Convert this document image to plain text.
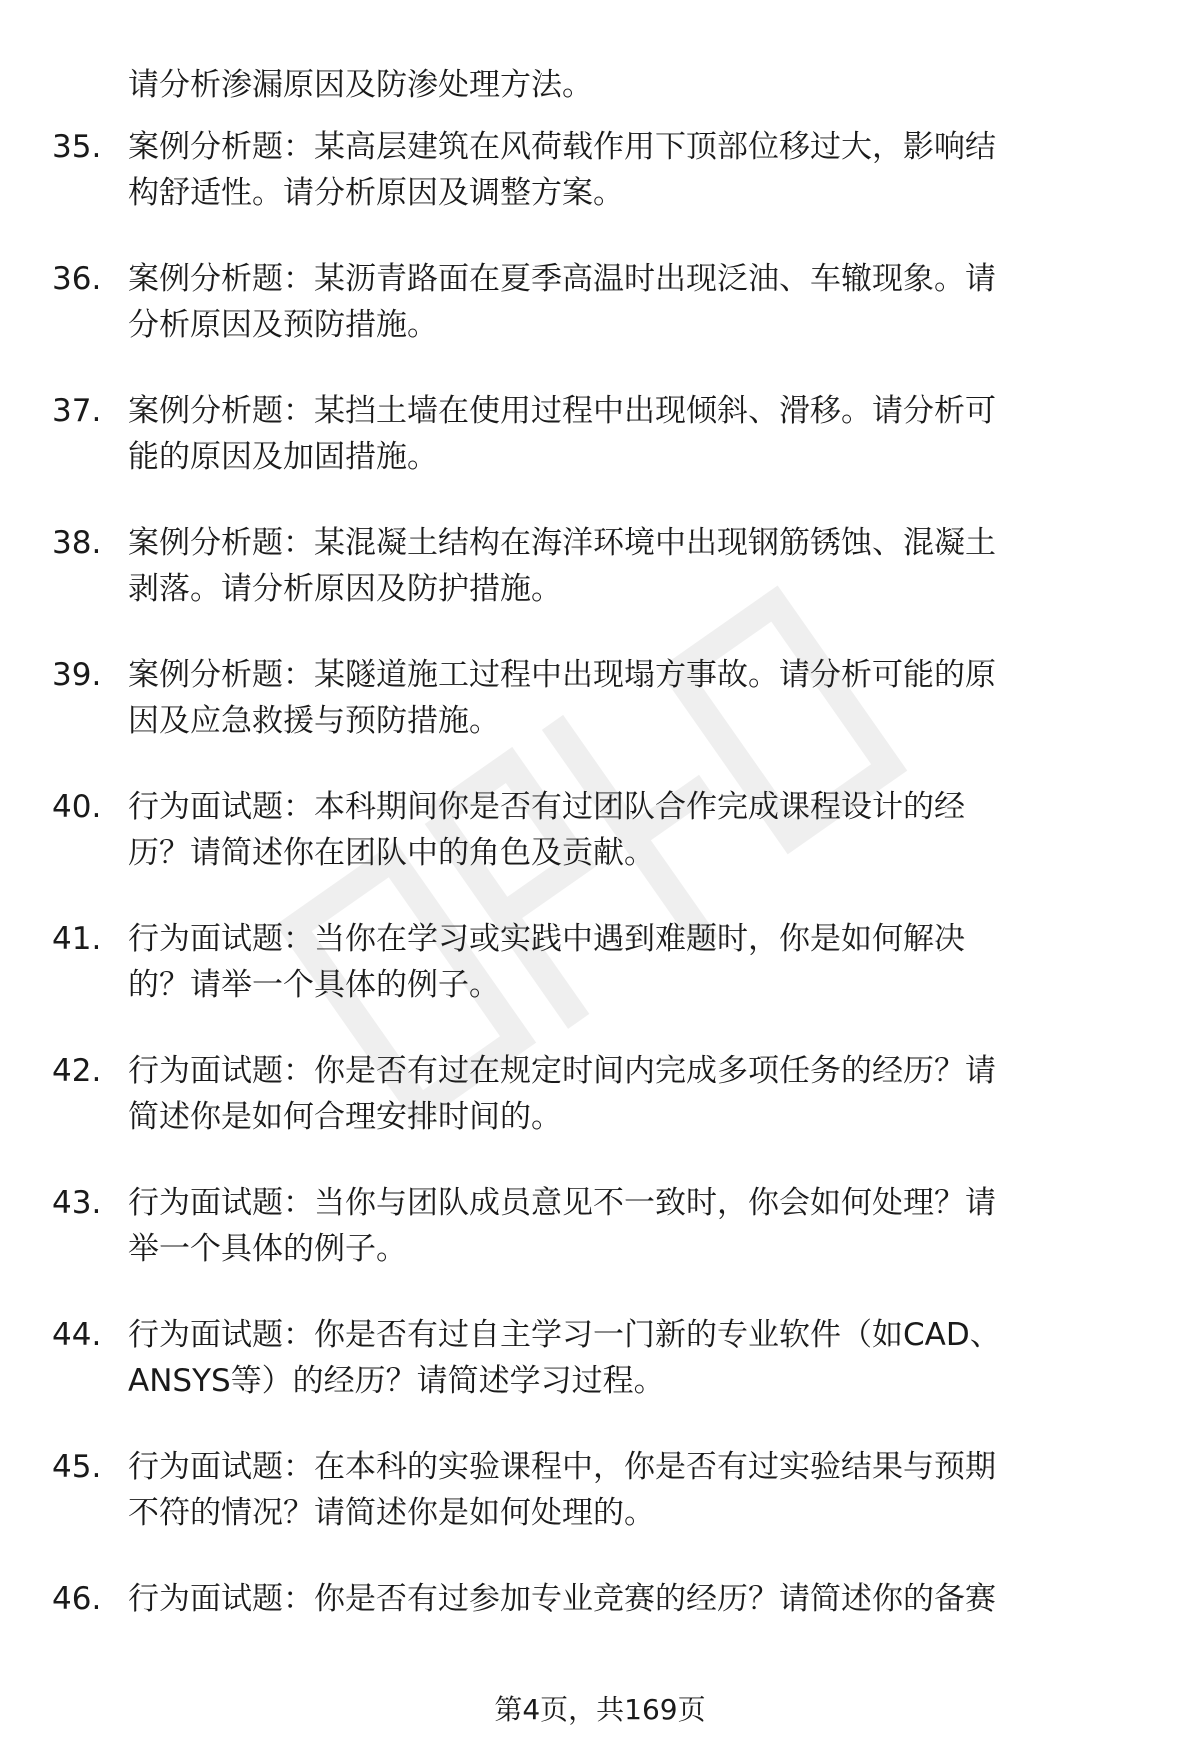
请分析渗漏原因及防渗处理方法。
35. 案例分析题：某高层建筑在风荷载作用下顶部位移过大，影响结
构舒适性。请分析原因及调整方案。
36. 案例分析题：某沥青路面在夏季高温时出现泛油、车辙现象。请
分析原因及预防措施。
37. 案例分析题：某挡土墙在使用过程中出现倾斜、滑移。请分析可
能的原因及加固措施。
38. 案例分析题：某混凝土结构在海洋环境中出现钢筋锈蚀、混凝土
剥落。请分析原因及防护措施。
39. 案例分析题：某隧道施工过程中出现塌方事故。请分析可能的原
因及应急救援与预防措施。
40. 行为面试题：本科期间你是否有过团队合作完成课程设计的经
历？请简述你在团队中的角色及贡献。
41. 行为面试题：当你在学习或实践中遇到难题时，你是如何解决
的？请举一个具体的例子。
42. 行为面试题：你是否有过在规定时间内完成多项任务的经历？请
简述你是如何合理安排时间的。
43. 行为面试题：当你与团队成员意见不一致时，你会如何处理？请
举一个具体的例子。
44. 行为面试题：你是否有过自主学习一门新的专业软件（如CAD、
ANSYS等）的经历？请简述学习过程。
45. 行为面试题：在本科的实验课程中，你是否有过实验结果与预期
不符的情况？请简述你是如何处理的。
46. 行为面试题：你是否有过参加专业竞赛的经历？请简述你的备赛
第4页，共169页
